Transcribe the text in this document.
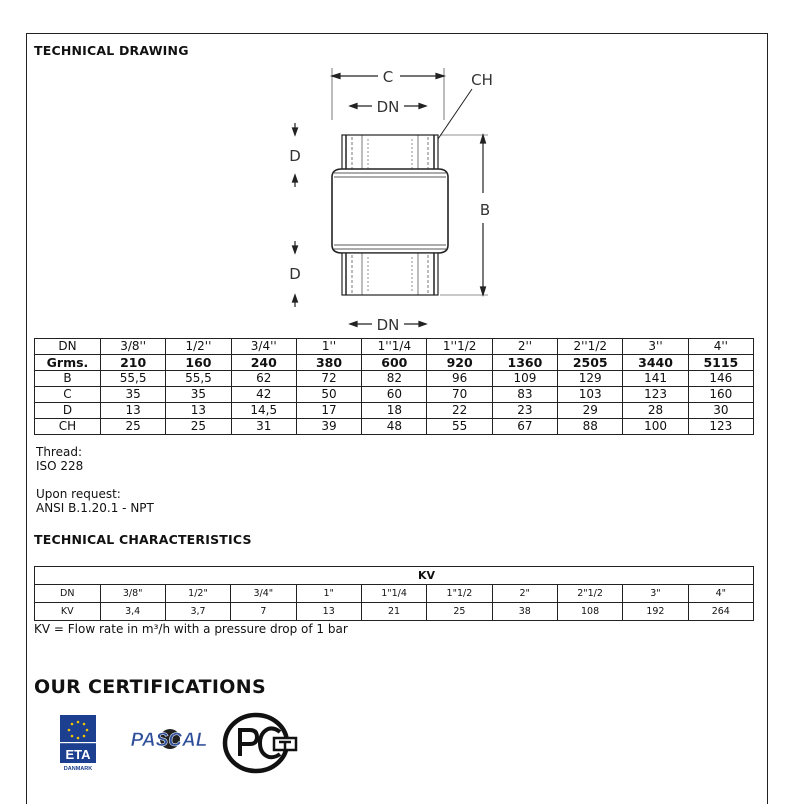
TECHNICAL DRAWING
C	CH
DN
D
B
D
DN
DN	3/8''	1/2''	3/4''	1''	1''1/4	1''1/2	2''	2''1/2	3''	4''
Grms.	210	160	240	380	600	920	1360	2505	3440	5115
B	55,5	55,5	62	72	82	96	109	129	141	146
C	35	35	42	50	60	70	83	103	123	160
D	13	13	14,5	17	18	22	23	29	28	30
CH	25	25	31	39	48	55	67	88	100	123
Thread:
ISO 228
Upon request:
ANSI B.1.20.1 - NPT
TECHNICAL CHARACTERISTICS
	KV									
DN	3/8"	1/2"	3/4"	1"	1"1/4	1"1/2	2"	2"1/2	3"	4"
KV	3,4	3,7	7	13	21	25	38	108	192	264
KV = Flow rate in m³/h with a pressure drop of 1 bar
OUR CERTIFICATIONS
ETA
DANMARK
PASCAL
